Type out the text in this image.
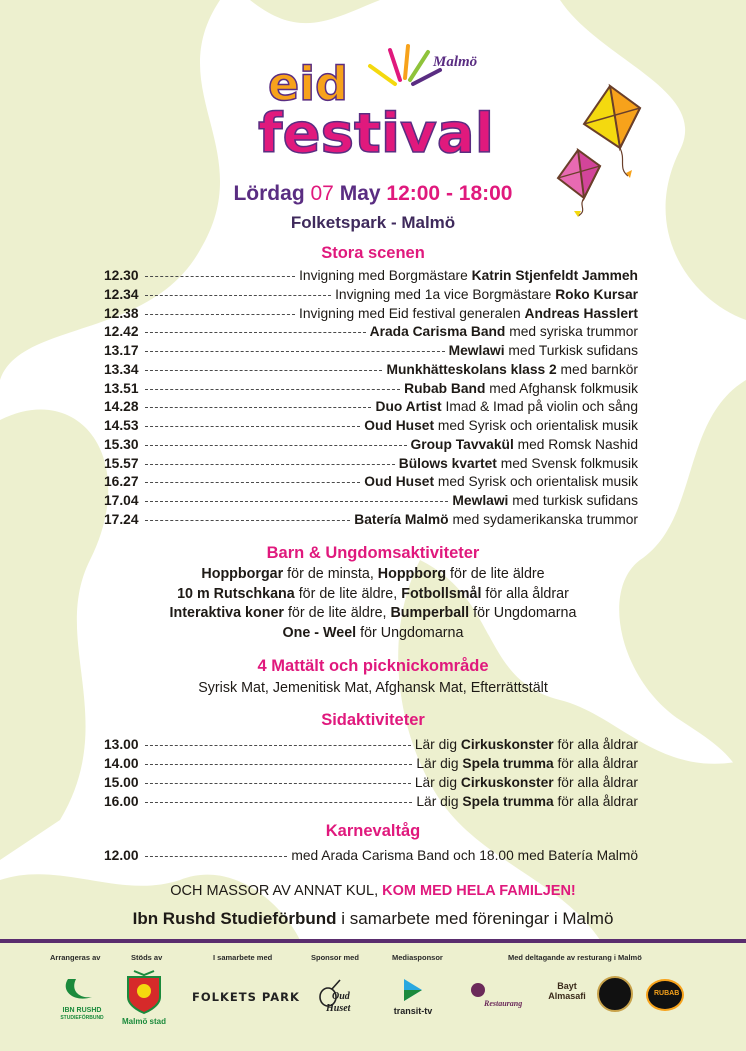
Malmö
eid
festival
Lördag 07 May 12:00 - 18:00
Folketspark - Malmö
Stora scenen
12.30	Invigning med Borgmästare Katrin Stjenfeldt Jammeh
12.34	Invigning med 1a vice Borgmästare Roko Kursar
12.38	Invigning med Eid festival generalen Andreas Hasslert
12.42	Arada Carisma Band med syriska trummor
13.17	Mewlawi med Turkisk sufidans
13.34	Munkhätteskolans klass 2 med barnkör
13.51	Rubab Band med Afghansk folkmusik
14.28	Duo Artist Imad & Imad på violin och sång
14.53	Oud Huset med Syrisk och orientalisk musik
15.30	Group Tavvakül med Romsk Nashid
15.57	Bülows kvartet med Svensk folkmusik
16.27	Oud Huset med Syrisk och orientalisk musik
17.04	Mewlawi med turkisk sufidans
17.24	Batería Malmö med sydamerikanska trummor
Barn & Ungdomsaktiviteter
Hoppborgar för de minsta, Hoppborg för de lite äldre
10 m Rutschkana för de lite äldre, Fotbollsmål för alla åldrar
Interaktiva koner för de lite äldre, Bumperball för Ungdomarna
One - Weel för Ungdomarna
4 Mattält och picknickområde
Syrisk Mat, Jemenitisk Mat, Afghansk Mat, Efterrättstält
Sidaktiviteter
13.00	Lär dig Cirkuskonster för alla åldrar
14.00	Lär dig Spela trumma för alla åldrar
15.00	Lär dig Cirkuskonster för alla åldrar
16.00	Lär dig Spela trumma för alla åldrar
Karnevaltåg
12.00	med Arada Carisma Band och 18.00 med Batería Malmö
OCH MASSOR AV ANNAT KUL, KOM MED HELA FAMILJEN!
Ibn Rushd Studieförbund i samarbete med föreningar i Malmö
Arrangeras av	Stöds av	I samarbete med	Sponsor med	Mediasponsor	Med deltagande av resturang i Malmö
IBN RUSHD
STUDIEFÖRBUND	Malmö stad
FOLKETS PARK	Oud
Huset	transit-tv
Restaurang
Bayt Almasafi	RUBAB
